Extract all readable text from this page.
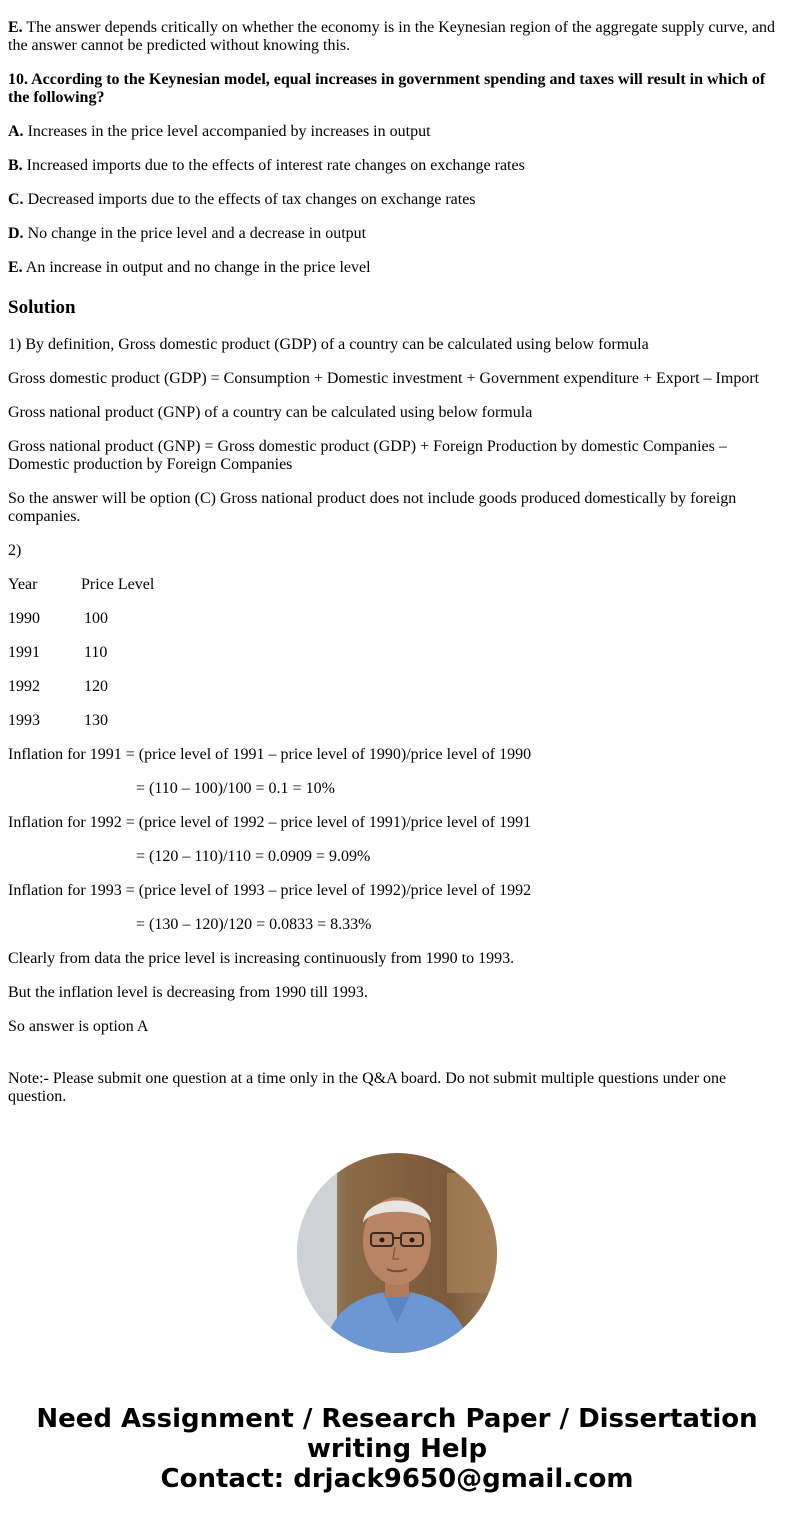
E. The answer depends critically on whether the economy is in the Keynesian region of the aggregate supply curve, and the answer cannot be predicted without knowing this.

10. According to the Keynesian model, equal increases in government spending and taxes will result in which of the following?

A. Increases in the price level accompanied by increases in output

B. Increased imports due to the effects of interest rate changes on exchange rates

C. Decreased imports due to the effects of tax changes on exchange rates

D. No change in the price level and a decrease in output

E. An increase in output and no change in the price level

Solution

1) By definition, Gross domestic product (GDP) of a country can be calculated using below formula

Gross domestic product (GDP) = Consumption + Domestic investment + Government expenditure + Export – Import

Gross national product (GNP) of a country can be calculated using below formula

Gross national product (GNP) = Gross domestic product (GDP) + Foreign Production by domestic Companies – Domestic production by Foreign Companies

So the answer will be option (C) Gross national product does not include goods produced domestically by foreign companies.

2)

Year	Price Level

1990	100

1991	110

1992	120

1993	130

Inflation for 1991 = (price level of 1991 – price level of 1990)/price level of 1990

= (110 – 100)/100 = 0.1 = 10%

Inflation for 1992 = (price level of 1992 – price level of 1991)/price level of 1991

= (120 – 110)/110 = 0.0909 = 9.09%

Inflation for 1993 = (price level of 1993 – price level of 1992)/price level of 1992

= (130 – 120)/120 = 0.0833 = 8.33%

Clearly from data the price level is increasing continuously from 1990 to 1993.

But the inflation level is decreasing from 1990 till 1993.

So answer is option A

Note:- Please submit one question at a time only in the Q&A board. Do not submit multiple questions under one question.

Need Assignment / Research Paper / Dissertation
writing Help
Contact: drjack9650@gmail.com
